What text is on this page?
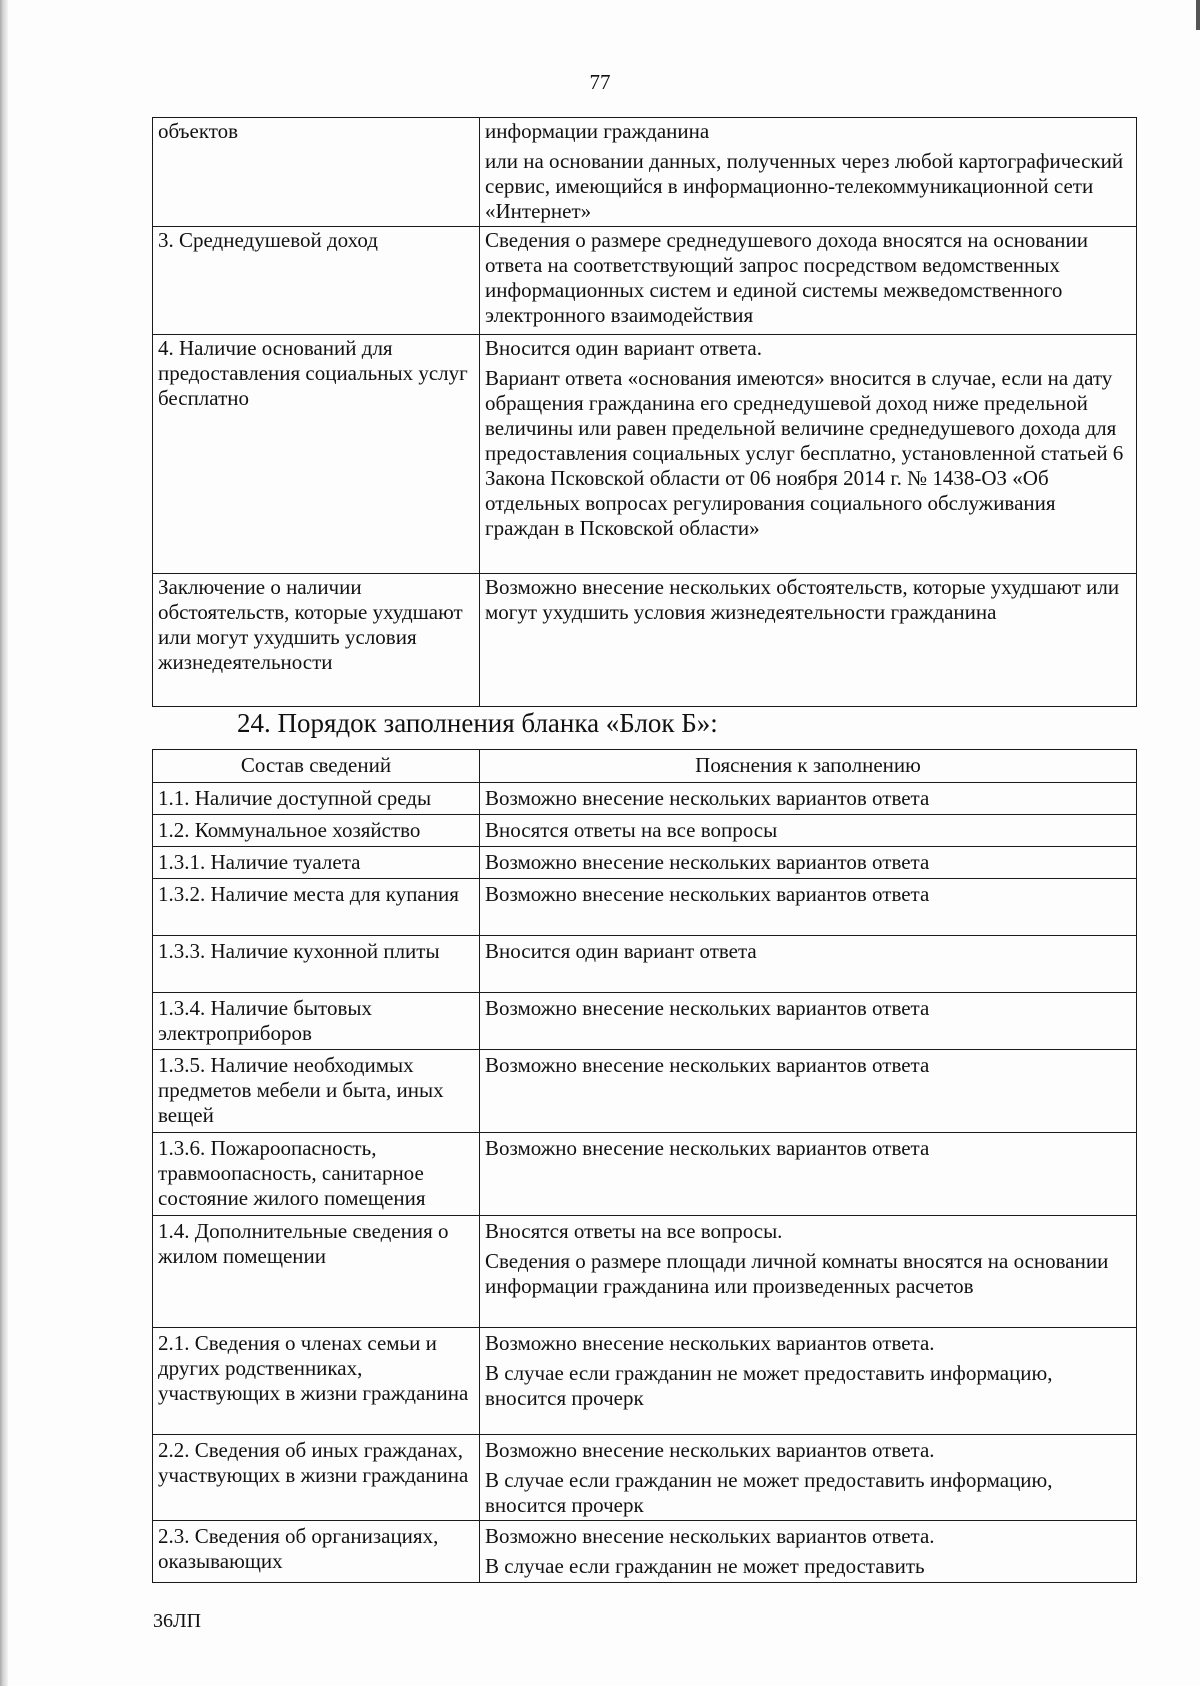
77
объектов	информации гражданина
или на основании данных, полученных через любой картографический сервис, имеющийся в информационно-телекоммуникационной сети «Интернет»

3. Среднедушевой доход	Сведения о размере среднедушевого дохода вносятся на основании ответа на соответствующий запрос посредством ведомственных информационных систем и единой системы межведомственного электронного взаимодействия

4. Наличие оснований для предоставления социальных услуг бесплатно	Вносится один вариант ответа.
Вариант ответа «основания имеются» вносится в случае, если на дату обращения гражданина его среднедушевой доход ниже предельной величины или равен предельной величине среднедушевого дохода для предоставления социальных услуг бесплатно, установленной статьей 6 Закона Псковской области от 06 ноября 2014 г. № 1438-ОЗ «Об отдельных вопросах регулирования социального обслуживания граждан в Псковской области»

Заключение о наличии обстоятельств, которые ухудшают или могут ухудшить условия жизнедеятельности	Возможно внесение нескольких обстоятельств, которые ухудшают или могут ухудшить условия жизнедеятельности гражданина
24. Порядок заполнения бланка «Блок Б»:
Состав сведений	Пояснения к заполнению

1.1. Наличие доступной среды	Возможно внесение нескольких вариантов ответа

1.2. Коммунальное хозяйство	Вносятся ответы на все вопросы

1.3.1. Наличие туалета	Возможно внесение нескольких вариантов ответа

1.3.2. Наличие места для купания	Возможно внесение нескольких вариантов ответа

1.3.3. Наличие кухонной плиты	Вносится один вариант ответа

1.3.4. Наличие бытовых электроприборов	Возможно внесение нескольких вариантов ответа

1.3.5. Наличие необходимых предметов мебели и быта, иных вещей	Возможно внесение нескольких вариантов ответа

1.3.6. Пожароопасность, травмоопасность, санитарное состояние жилого помещения	Возможно внесение нескольких вариантов ответа

1.4. Дополнительные сведения о жилом помещении	Вносятся ответы на все вопросы.
Сведения о размере площади личной комнаты вносятся на основании информации гражданина или произведенных расчетов

2.1. Сведения о членах семьи и других родственниках, участвующих в жизни гражданина	Возможно внесение нескольких вариантов ответа.
В случае если гражданин не может предоставить информацию, вносится прочерк

2.2. Сведения об иных гражданах, участвующих в жизни гражданина	Возможно внесение нескольких вариантов ответа.
В случае если гражданин не может предоставить информацию, вносится прочерк

2.3. Сведения об организациях, оказывающих	Возможно внесение нескольких вариантов ответа.
В случае если гражданин не может предоставить
36ЛП
